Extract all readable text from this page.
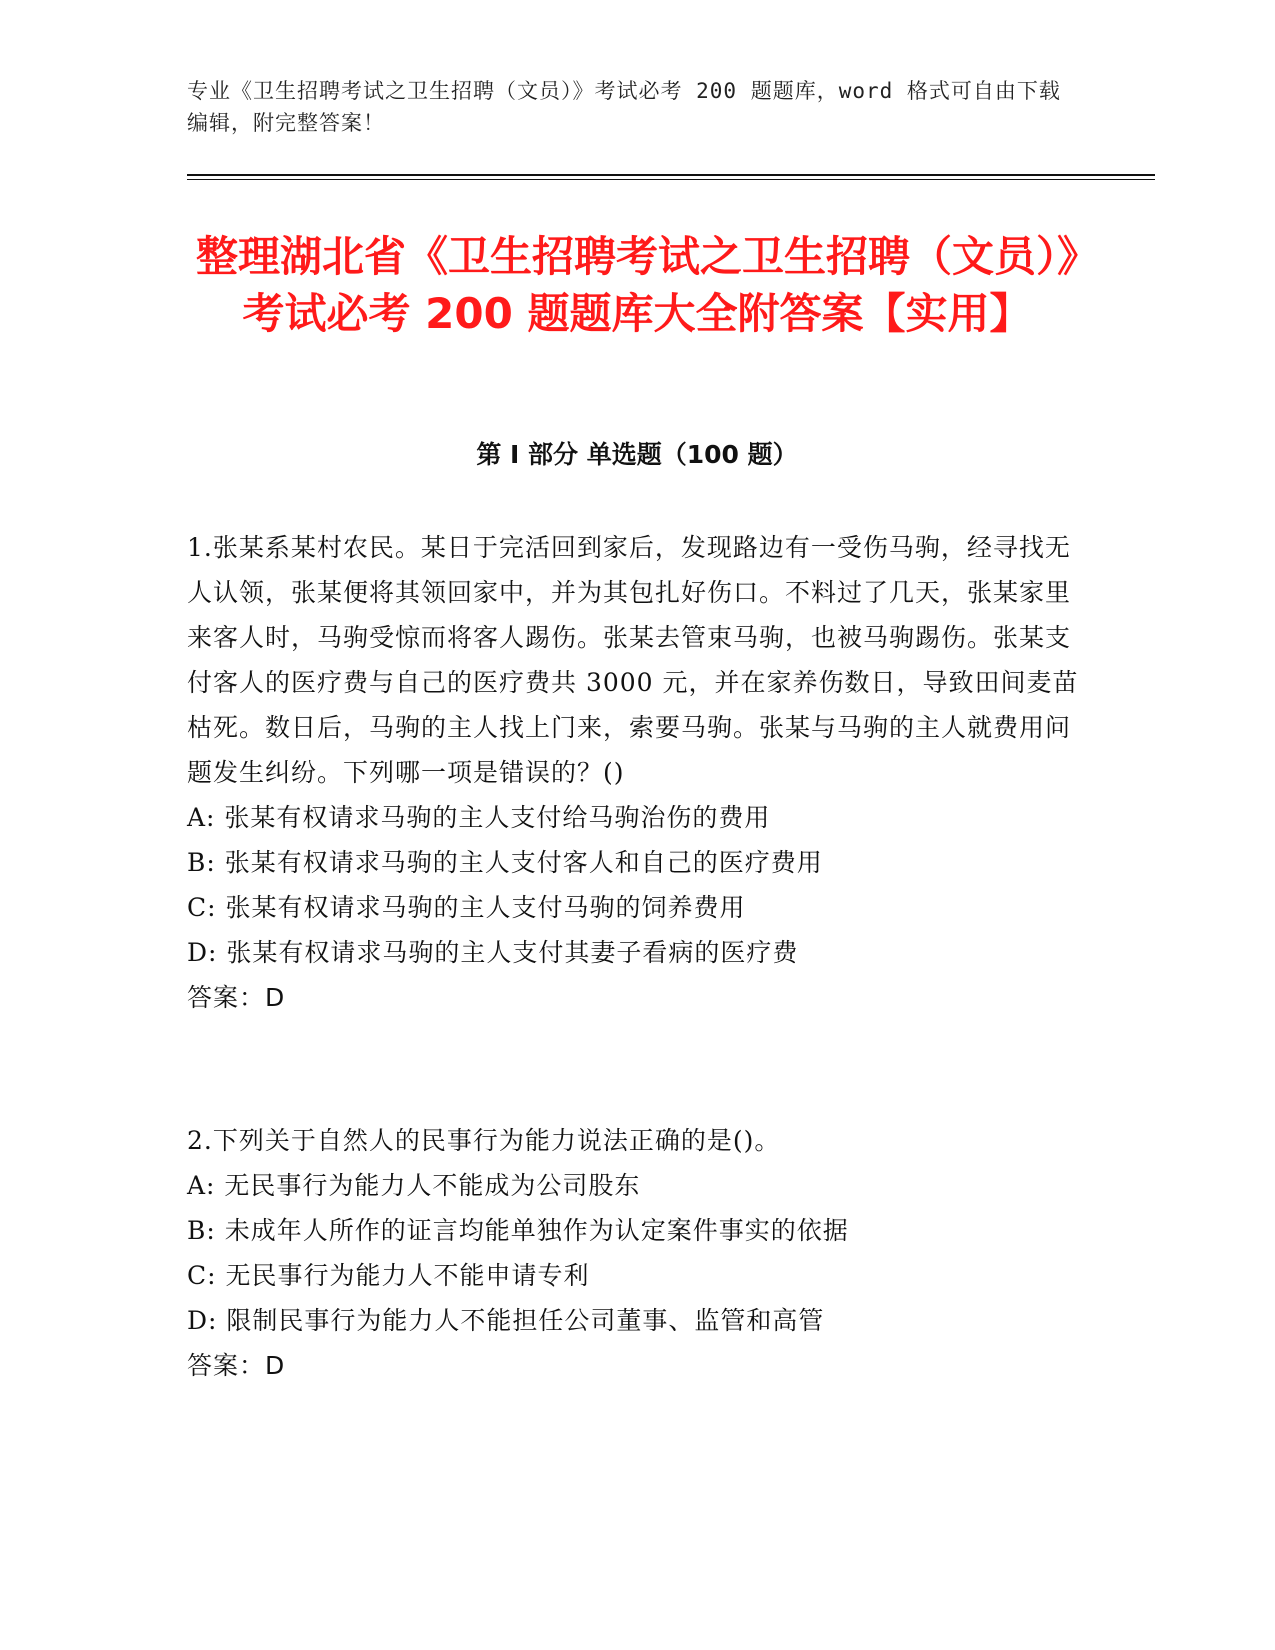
专业《卫生招聘考试之卫生招聘（文员）》考试必考 200 题题库，word 格式可自由下载编辑，附完整答案！
整理湖北省《卫生招聘考试之卫生招聘（文员）》考试必考 200 题题库大全附答案【实用】
第 I 部分 单选题（100 题）

1.张某系某村农民。某日于完活回到家后，发现路边有一受伤马驹，经寻找无人认领，张某便将其领回家中，并为其包扎好伤口。不料过了几天，张某家里来客人时，马驹受惊而将客人踢伤。张某去管束马驹，也被马驹踢伤。张某支付客人的医疗费与自己的医疗费共 3000 元，并在家养伤数日，导致田间麦苗枯死。数日后，马驹的主人找上门来，索要马驹。张某与马驹的主人就费用问题发生纠纷。下列哪一项是错误的？()

A: 张某有权请求马驹的主人支付给马驹治伤的费用

B: 张某有权请求马驹的主人支付客人和自己的医疗费用

C: 张某有权请求马驹的主人支付马驹的饲养费用

D: 张某有权请求马驹的主人支付其妻子看病的医疗费

答案：D

2.下列关于自然人的民事行为能力说法正确的是()。

A: 无民事行为能力人不能成为公司股东

B: 未成年人所作的证言均能单独作为认定案件事实的依据

C: 无民事行为能力人不能申请专利

D: 限制民事行为能力人不能担任公司董事、监管和高管

答案：D
